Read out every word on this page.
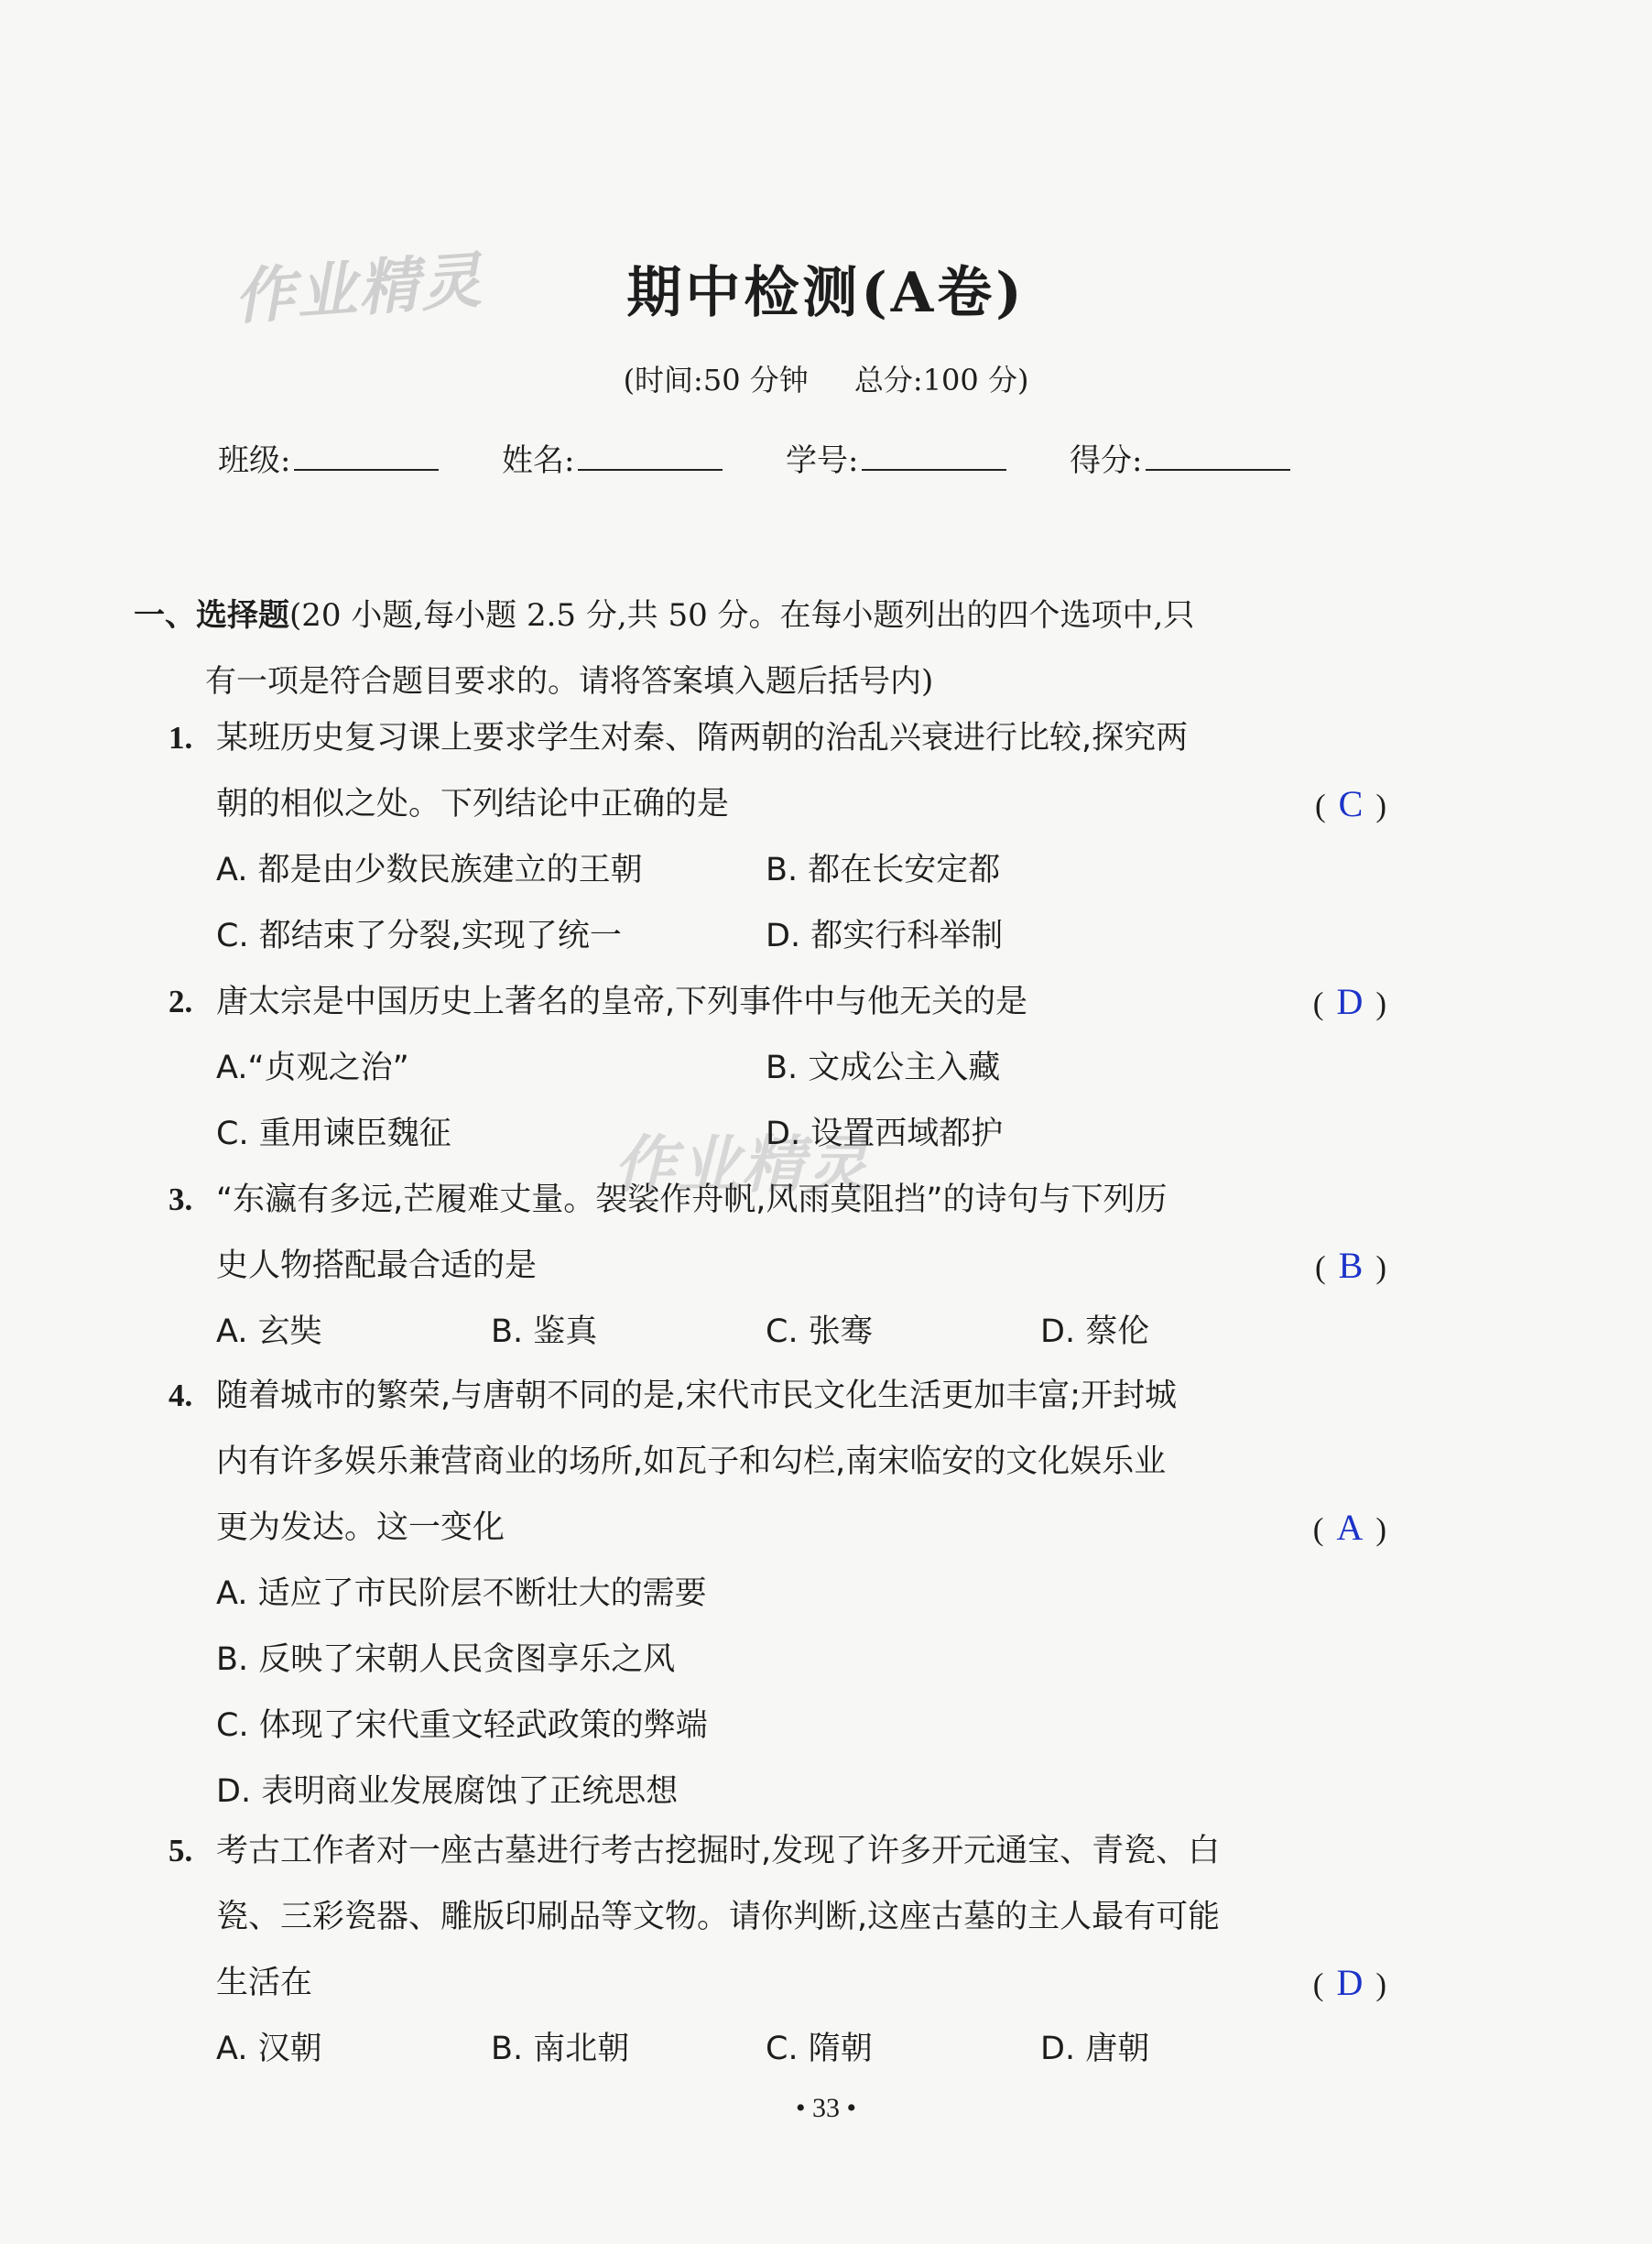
作业精灵
作业精灵
期中检测(A卷)
(时间:50 分钟 总分:100 分)
班级:	姓名:	学号:	得分:
一、选择题(20 小题,每小题 2.5 分,共 50 分。在每小题列出的四个选项中,只
有一项是符合题目要求的。请将答案填入题后括号内)
1. 某班历史复习课上要求学生对秦、隋两朝的治乱兴衰进行比较,探究两
朝的相似之处。下列结论中正确的是	( C )
A. 都是由少数民族建立的王朝	B. 都在长安定都
C. 都结束了分裂,实现了统一	D. 都实行科举制
2. 唐太宗是中国历史上著名的皇帝,下列事件中与他无关的是	( D )
A.“贞观之治”	B. 文成公主入藏
C. 重用谏臣魏征	D. 设置西域都护
3. “东瀛有多远,芒履难丈量。袈裟作舟帆,风雨莫阻挡”的诗句与下列历
史人物搭配最合适的是	( B )
A. 玄奘	B. 鉴真	C. 张骞	D. 蔡伦
4. 随着城市的繁荣,与唐朝不同的是,宋代市民文化生活更加丰富;开封城
内有许多娱乐兼营商业的场所,如瓦子和勾栏,南宋临安的文化娱乐业
更为发达。这一变化	( A )
A. 适应了市民阶层不断壮大的需要
B. 反映了宋朝人民贪图享乐之风
C. 体现了宋代重文轻武政策的弊端
D. 表明商业发展腐蚀了正统思想
5. 考古工作者对一座古墓进行考古挖掘时,发现了许多开元通宝、青瓷、白
瓷、三彩瓷器、雕版印刷品等文物。请你判断,这座古墓的主人最有可能
生活在	( D )
A. 汉朝	B. 南北朝	C. 隋朝	D. 唐朝
• 33 •
